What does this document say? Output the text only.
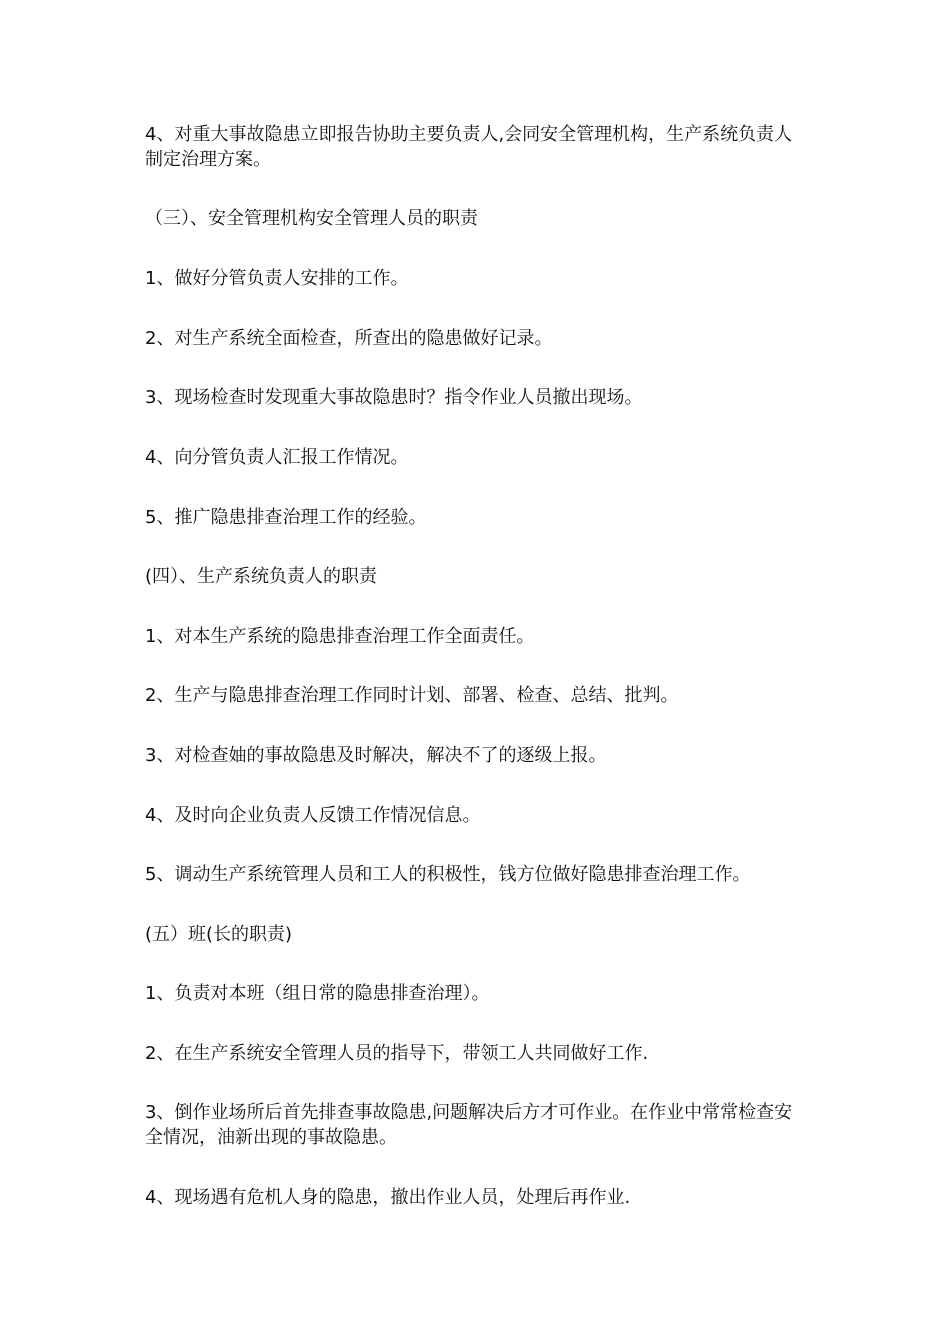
4、对重大事故隐患立即报告协助主要负责人,会同安全管理机构，生产系统负责人制定治理方案。

（三）、安全管理机构安全管理人员的职责

1、做好分管负责人安排的工作。

2、对生产系统全面检查，所查出的隐患做好记录。

3、现场检查时发现重大事故隐患时？指令作业人员撤出现场。

4、向分管负责人汇报工作情况。

5、推广隐患排查治理工作的经验。

(四）、生产系统负责人的职责

1、对本生产系统的隐患排查治理工作全面责任。

2、生产与隐患排查治理工作同时计划、部署、检查、总结、批判。

3、对检查妯的事故隐患及时解决，解决不了的逐级上报。

4、及时向企业负责人反馈工作情况信息。

5、调动生产系统管理人员和工人的积极性，钱方位做好隐患排查治理工作。

(五）班(长的职责)

1、负责对本班（组日常的隐患排查治理）。

2、在生产系统安全管理人员的指导下，带领工人共同做好工作.

3、倒作业场所后首先排查事故隐患,问题解决后方才可作业。在作业中常常检查安全情况，油新出现的事故隐患。

4、现场遇有危机人身的隐患，撤出作业人员，处理后再作业.
